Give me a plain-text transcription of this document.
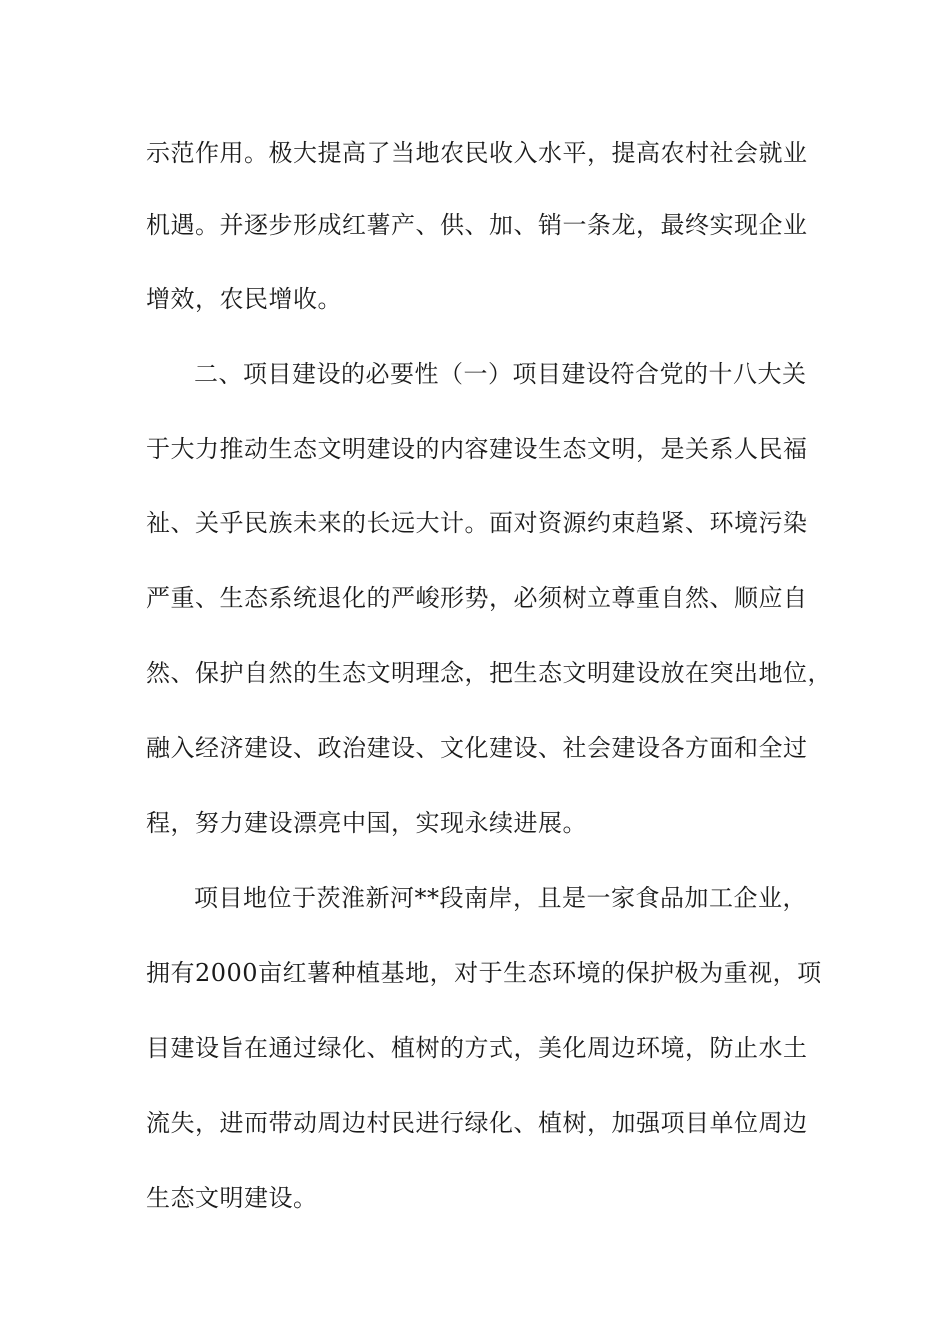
示范作用。极大提高了当地农民收入水平，提高农村社会就业
机遇。并逐步形成红薯产、供、加、销一条龙，最终实现企业
增效，农民增收。
二、项目建设的必要性（一）项目建设符合党的十八大关
于大力推动生态文明建设的内容建设生态文明，是关系人民福
祉、关乎民族未来的长远大计。面对资源约束趋紧、环境污染
严重、生态系统退化的严峻形势，必须树立尊重自然、顺应自
然、保护自然的生态文明理念，把生态文明建设放在突出地位，
融入经济建设、政治建设、文化建设、社会建设各方面和全过
程，努力建设漂亮中国，实现永续进展。
项目地位于茨淮新河**段南岸，且是一家食品加工企业，
拥有2000亩红薯种植基地，对于生态环境的保护极为重视，项
目建设旨在通过绿化、植树的方式，美化周边环境，防止水土
流失，进而带动周边村民进行绿化、植树，加强项目单位周边
生态文明建设。
